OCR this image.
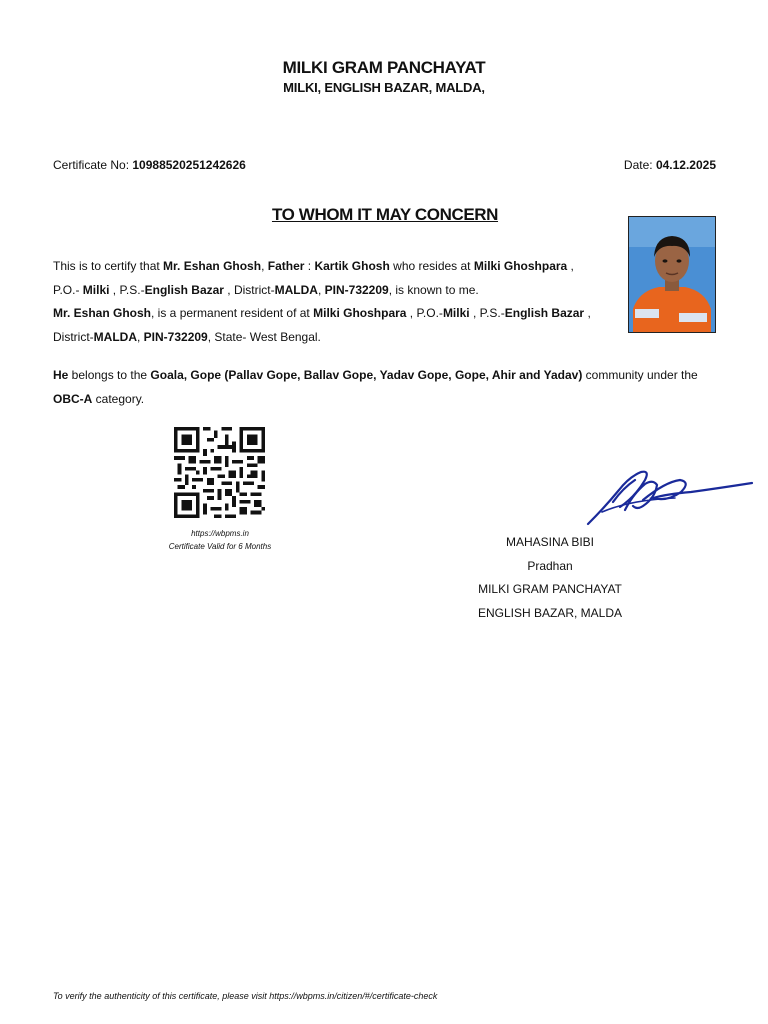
MILKI GRAM PANCHAYAT
MILKI, ENGLISH BAZAR, MALDA,
Certificate No: 10988520251242626	Date: 04.12.2025
TO WHOM IT MAY CONCERN
This is to certify that Mr. Eshan Ghosh, Father : Kartik Ghosh who resides at Milki Ghoshpara ,
P.O.- Milki , P.S.-English Bazar , District-MALDA, PIN-732209, is known to me.
Mr. Eshan Ghosh, is a permanent resident of at Milki Ghoshpara , P.O.-Milki , P.S.-English Bazar ,
District-MALDA, PIN-732209, State- West Bengal.
He belongs to the Goala, Gope (Pallav Gope, Ballav Gope, Yadav Gope, Gope, Ahir and Yadav) community under the
OBC-A category.
https://wbpms.in
Certificate Valid for 6 Months	MAHASINA BIBI
Pradhan
MILKI GRAM PANCHAYAT
ENGLISH BAZAR, MALDA
To verify the authenticity of this certificate, please visit https://wbpms.in/citizen/#/certificate-check
